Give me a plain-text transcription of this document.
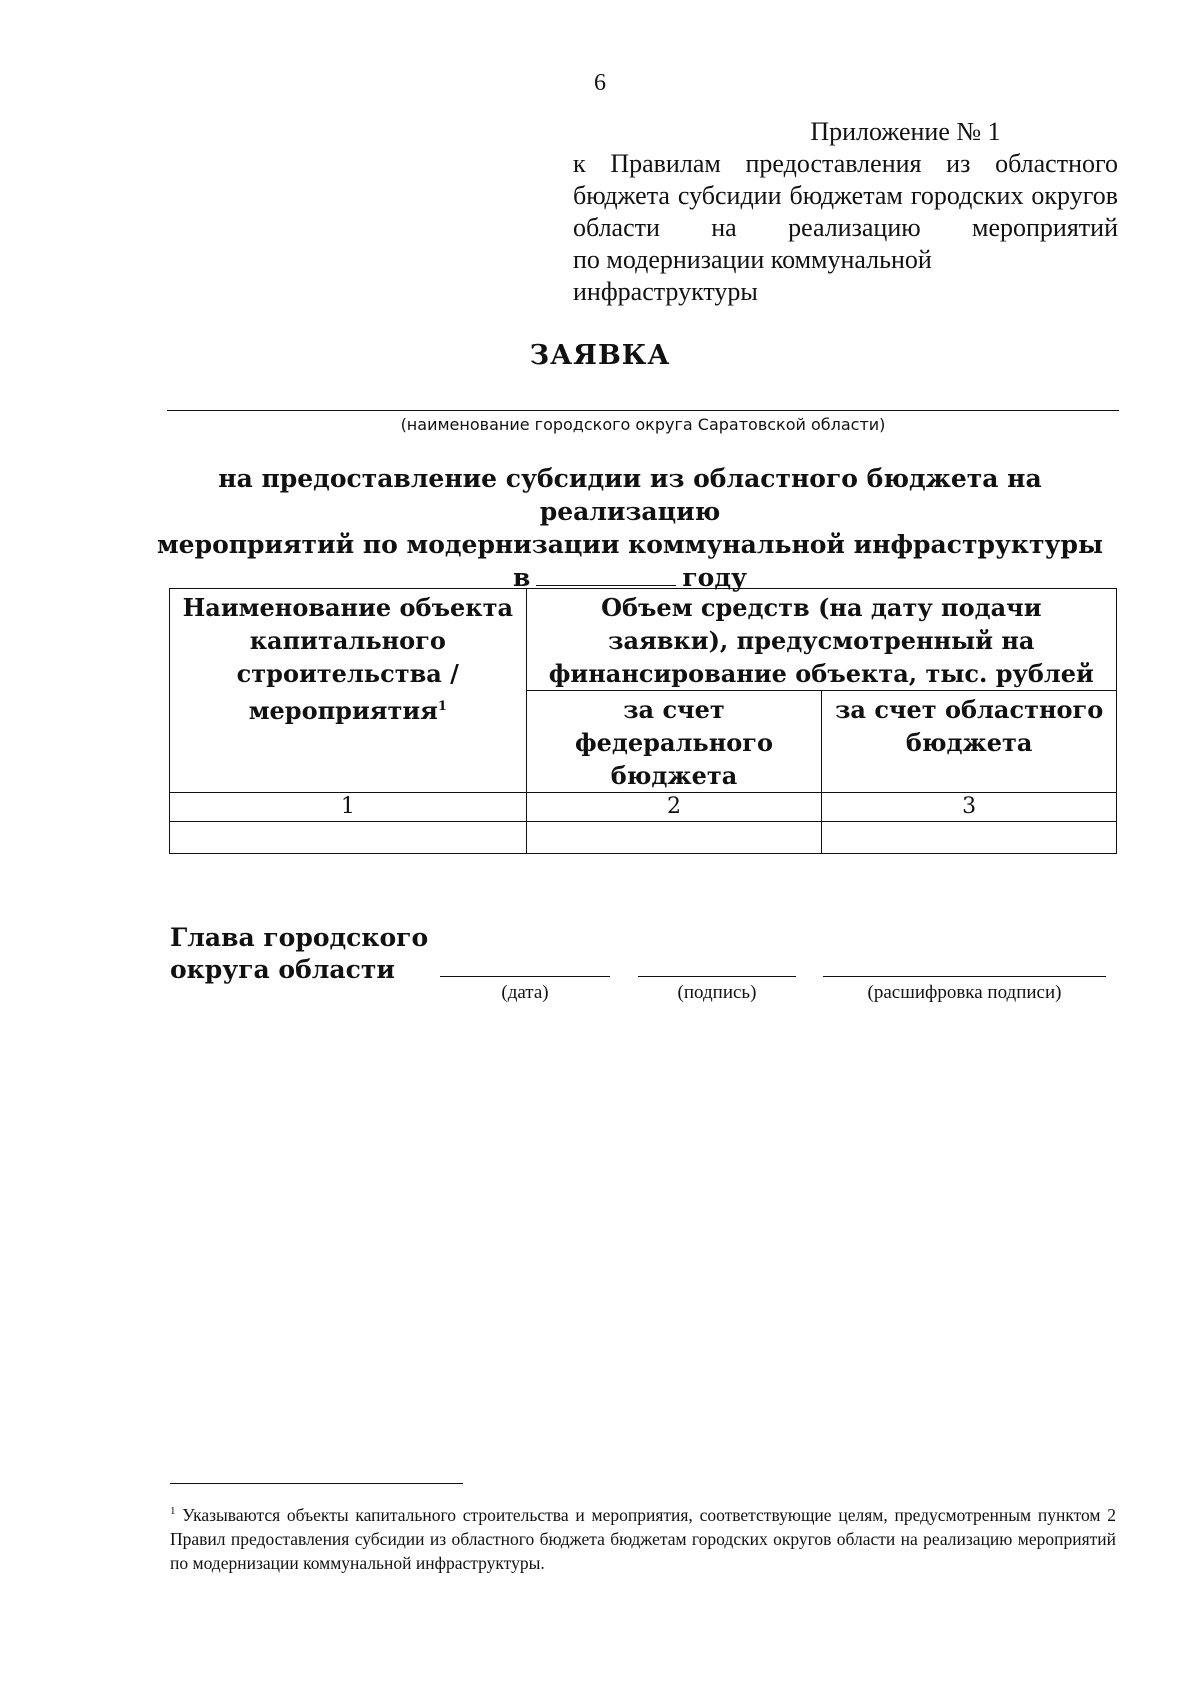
6
Приложение № 1
к Правилам предоставления из областного
бюджета субсидии бюджетам городских округов
области на реализацию мероприятий
по модернизации коммунальной инфраструктуры
ЗАЯВКА
(наименование городского округа Саратовской области)
на предоставление субсидии из областного бюджета на реализацию
мероприятий по модернизации коммунальной инфраструктуры
в	году
Наименование объекта капитального строительства / мероприятия$^1$	Объем средств (на дату подачи заявки), предусмотренный на финансирование объекта, тыс. рублей	
	за счет федерального бюджета	за счет областного бюджета
1	2	3

Глава городского
округа области
(дата)	(подпись)	(расшифровка подписи)
$^1$ Указываются объекты капитального строительства и мероприятия, соответствующие целям, предусмотренным пунктом 2 Правил предоставления субсидии из областного бюджета бюджетам городских округов области на реализацию мероприятий по модернизации коммунальной инфраструктуры.
